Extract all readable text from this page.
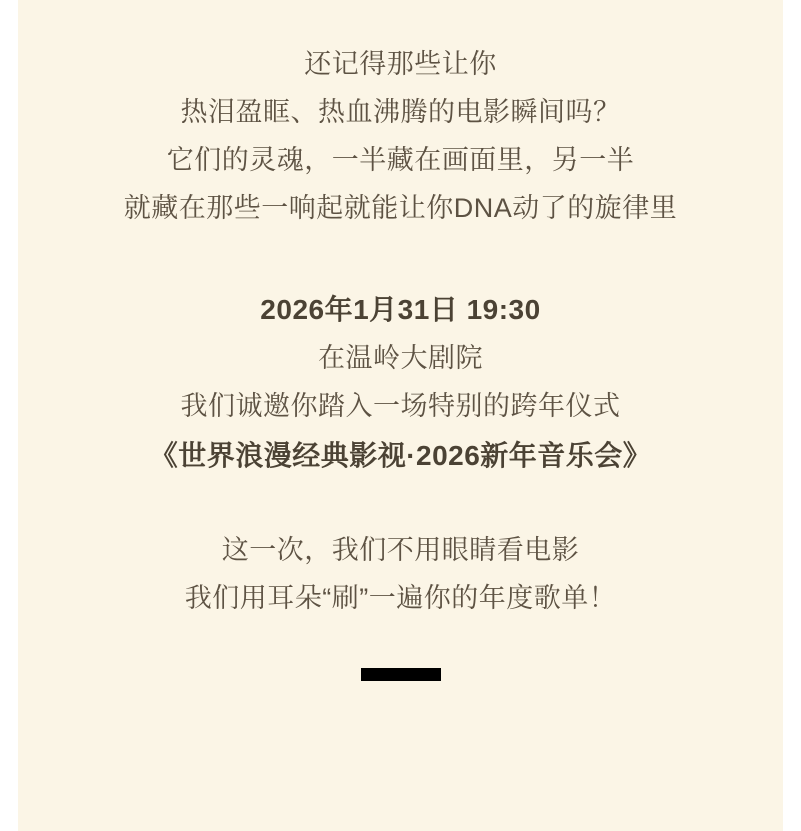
还记得那些让你
热泪盈眶、热血沸腾的电影瞬间吗？
它们的灵魂，一半藏在画面里，另一半
就藏在那些一响起就能让你DNA动了的旋律里
2026年1月31日 19:30
在温岭大剧院
我们诚邀你踏入一场特别的跨年仪式
《世界浪漫经典影视·2026新年音乐会》
这一次，我们不用眼睛看电影
我们用耳朵“刷”一遍你的年度歌单！
